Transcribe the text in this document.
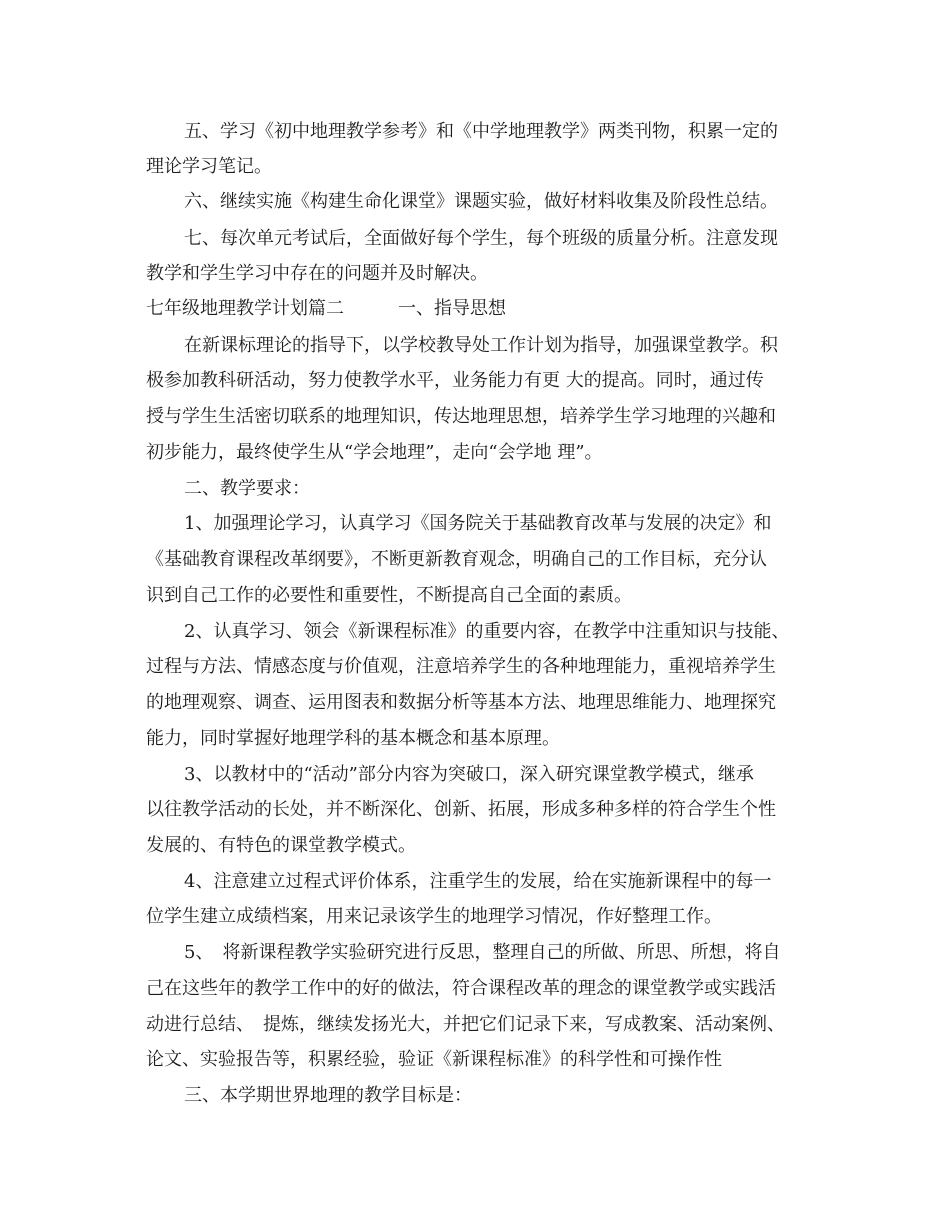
五、学习《初中地理教学参考》和《中学地理教学》两类刊物，积累一定的
理论学习笔记。
六、继续实施《构建生命化课堂》课题实验，做好材料收集及阶段性总结。
七、每次单元考试后，全面做好每个学生，每个班级的质量分析。注意发现
教学和学生学习中存在的问题并及时解决。
七年级地理教学计划篇二　　　一、指导思想
在新课标理论的指导下，以学校教导处工作计划为指导，加强课堂教学。积
极参加教科研活动，努力使教学水平，业务能力有更 大的提高。同时，通过传
授与学生生活密切联系的地理知识，传达地理思想，培养学生学习地理的兴趣和
初步能力，最终使学生从“学会地理”，走向“会学地 理”。
二、教学要求：
1、加强理论学习，认真学习《国务院关于基础教育改革与发展的决定》和
《基础教育课程改革纲要》，不断更新教育观念，明确自己的工作目标，充分认
识到自己工作的必要性和重要性，不断提高自己全面的素质。
2、认真学习、领会《新课程标准》的重要内容，在教学中注重知识与技能、
过程与方法、情感态度与价值观，注意培养学生的各种地理能力，重视培养学生
的地理观察、调查、运用图表和数据分析等基本方法、地理思维能力、地理探究
能力，同时掌握好地理学科的基本概念和基本原理。
3、以教材中的“活动”部分内容为突破口，深入研究课堂教学模式，继承
以往教学活动的长处，并不断深化、创新、拓展，形成多种多样的符合学生个性
发展的、有特色的课堂教学模式。
4、注意建立过程式评价体系，注重学生的发展，给在实施新课程中的每一
位学生建立成绩档案，用来记录该学生的地理学习情况，作好整理工作。
5、　将新课程教学实验研究进行反思，整理自己的所做、所思、所想，将自
己在这些年的教学工作中的好的做法，符合课程改革的理念的课堂教学或实践活
动进行总结、　提炼，继续发扬光大，并把它们记录下来，写成教案、活动案例、
论文、实验报告等，积累经验，验证《新课程标准》的科学性和可操作性
三、本学期世界地理的教学目标是：
